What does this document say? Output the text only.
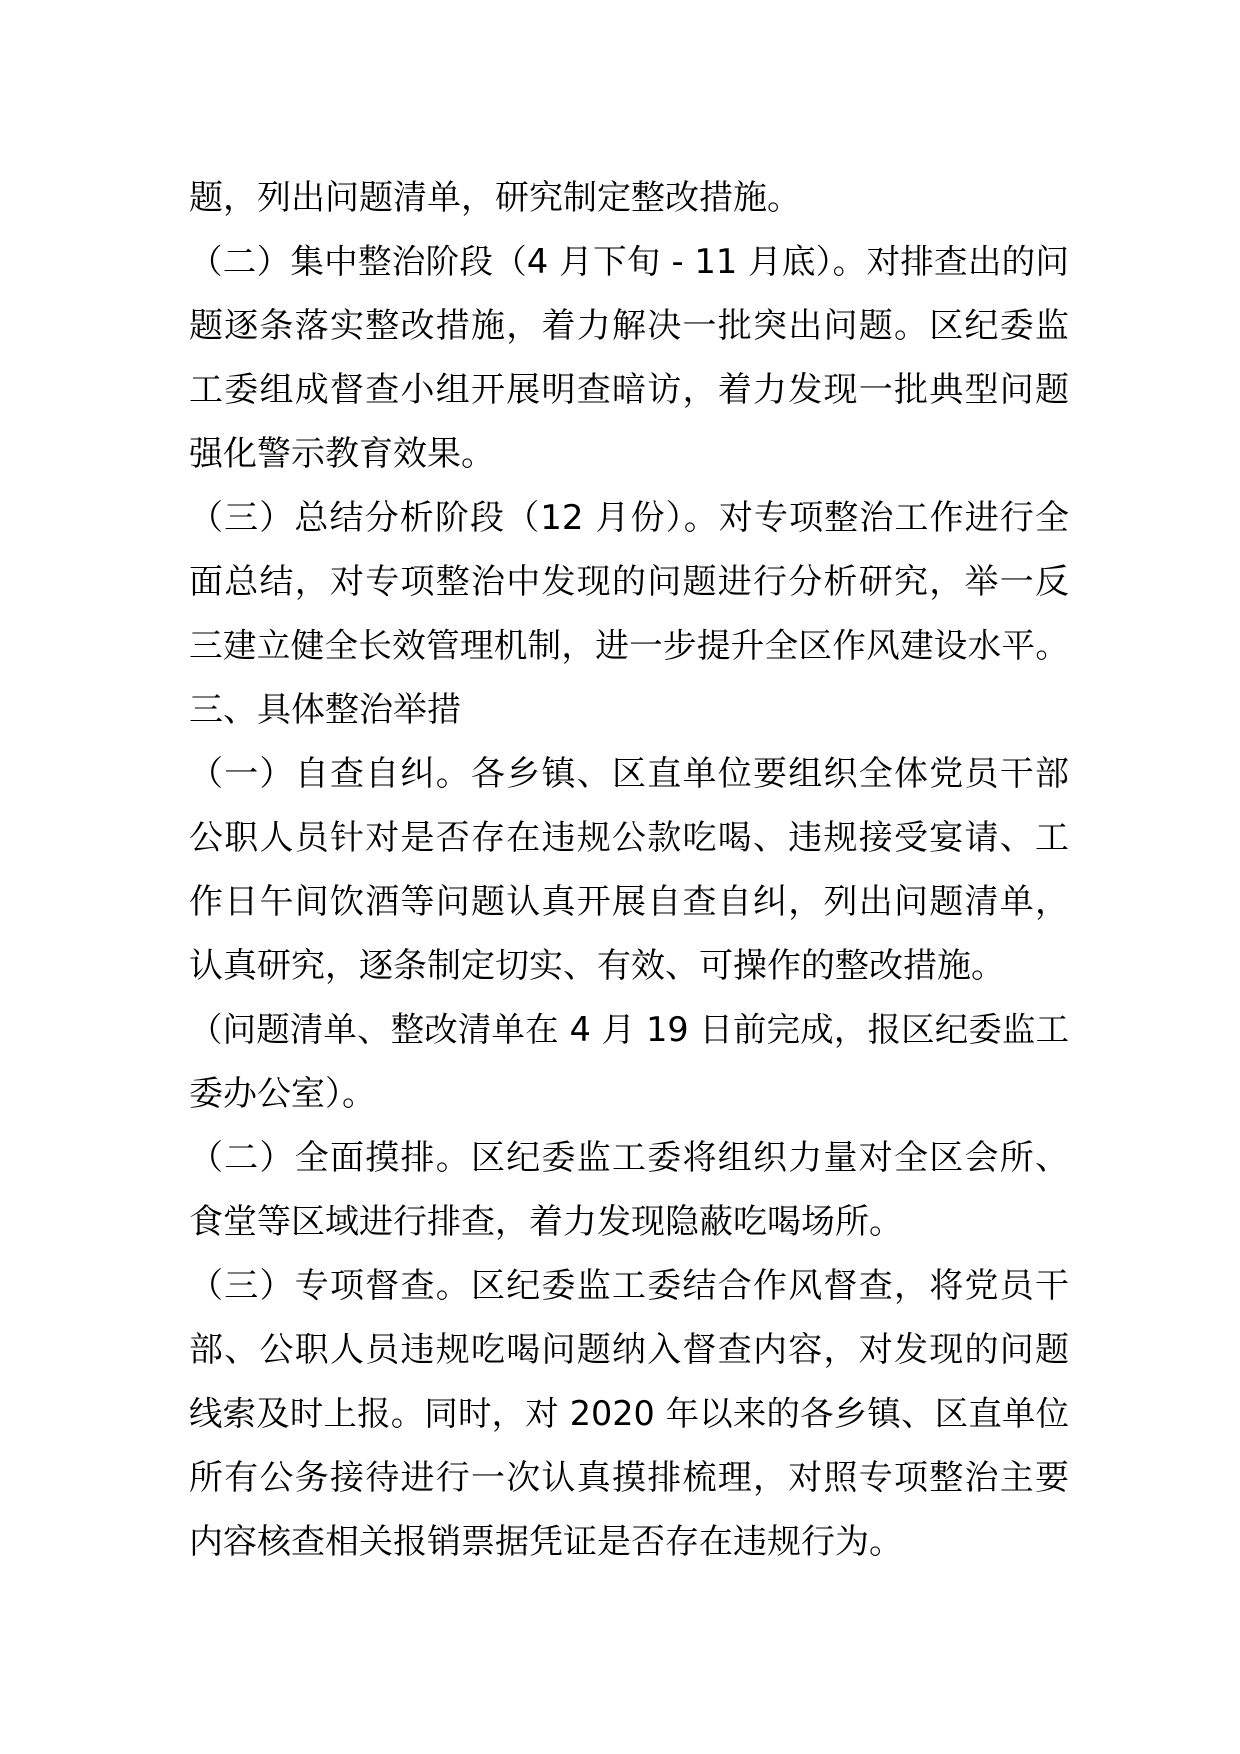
题，列出问题清单，研究制定整改措施。
（二）集中整治阶段（4 月下旬 - 11 月底）。对排查出的问
题逐条落实整改措施，着力解决一批突出问题。区纪委监
工委组成督查小组开展明查暗访，着力发现一批典型问题
强化警示教育效果。
（三）总结分析阶段（12 月份）。对专项整治工作进行全
面总结，对专项整治中发现的问题进行分析研究，举一反
三建立健全长效管理机制，进一步提升全区作风建设水平。
三、具体整治举措
（一）自查自纠。各乡镇、区直单位要组织全体党员干部
公职人员针对是否存在违规公款吃喝、违规接受宴请、工
作日午间饮酒等问题认真开展自查自纠，列出问题清单，
认真研究，逐条制定切实、有效、可操作的整改措施。
（问题清单、整改清单在 4 月 19 日前完成，报区纪委监工
委办公室）。
（二）全面摸排。区纪委监工委将组织力量对全区会所、
食堂等区域进行排查，着力发现隐蔽吃喝场所。
（三）专项督查。区纪委监工委结合作风督查，将党员干
部、公职人员违规吃喝问题纳入督查内容，对发现的问题
线索及时上报。同时，对 2020 年以来的各乡镇、区直单位
所有公务接待进行一次认真摸排梳理，对照专项整治主要
内容核查相关报销票据凭证是否存在违规行为。
